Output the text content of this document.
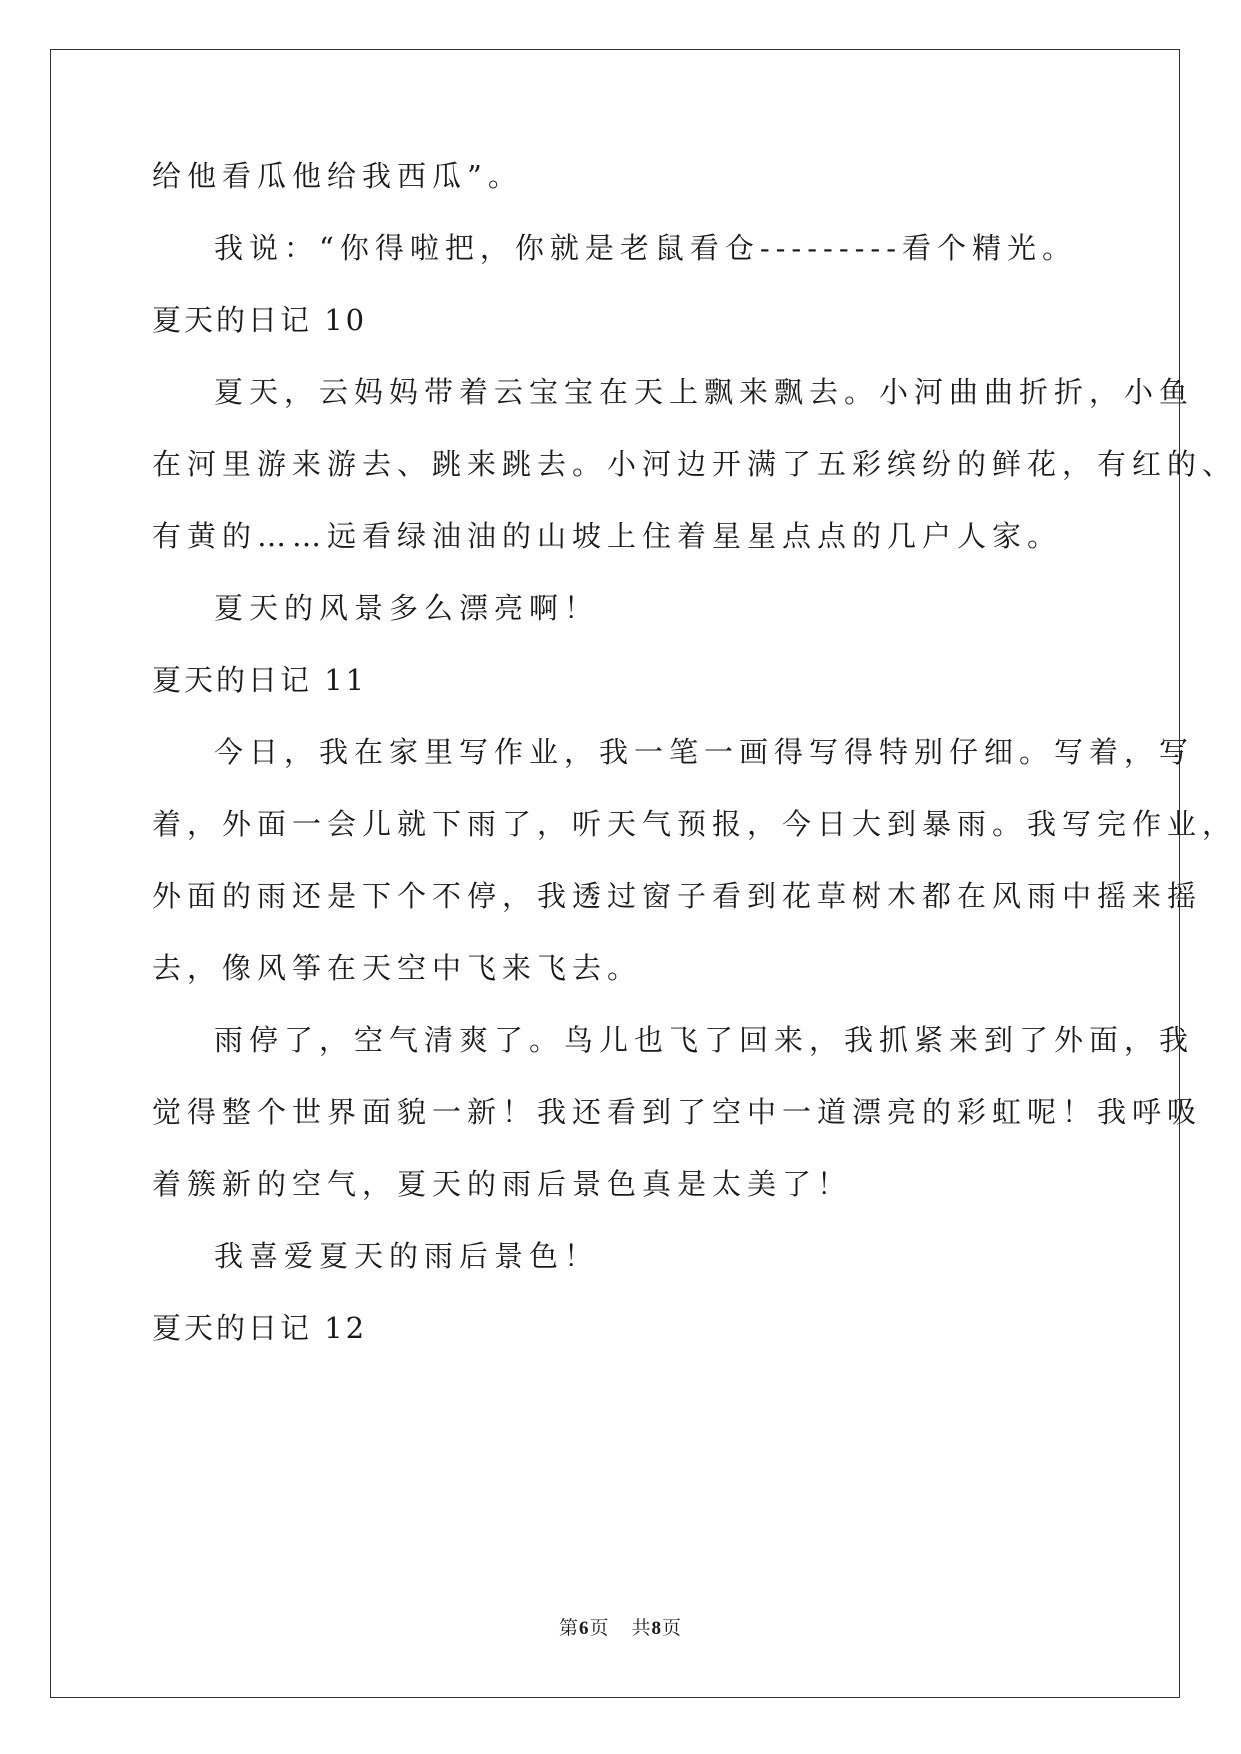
给他看瓜他给我西瓜”。
我说：“你得啦把，你就是老鼠看仓---------看个精光。
夏天的日记 10
夏天，云妈妈带着云宝宝在天上飘来飘去。小河曲曲折折，小鱼
在河里游来游去、跳来跳去。小河边开满了五彩缤纷的鲜花，有红的、
有黄的……远看绿油油的山坡上住着星星点点的几户人家。
夏天的风景多么漂亮啊！
夏天的日记 11
今日，我在家里写作业，我一笔一画得写得特别仔细。写着，写
着，外面一会儿就下雨了，听天气预报，今日大到暴雨。我写完作业，
外面的雨还是下个不停，我透过窗子看到花草树木都在风雨中摇来摇
去，像风筝在天空中飞来飞去。
雨停了，空气清爽了。鸟儿也飞了回来，我抓紧来到了外面，我
觉得整个世界面貌一新！我还看到了空中一道漂亮的彩虹呢！我呼吸
着簇新的空气，夏天的雨后景色真是太美了！
我喜爱夏天的雨后景色！
夏天的日记 12
第6页 共8页
